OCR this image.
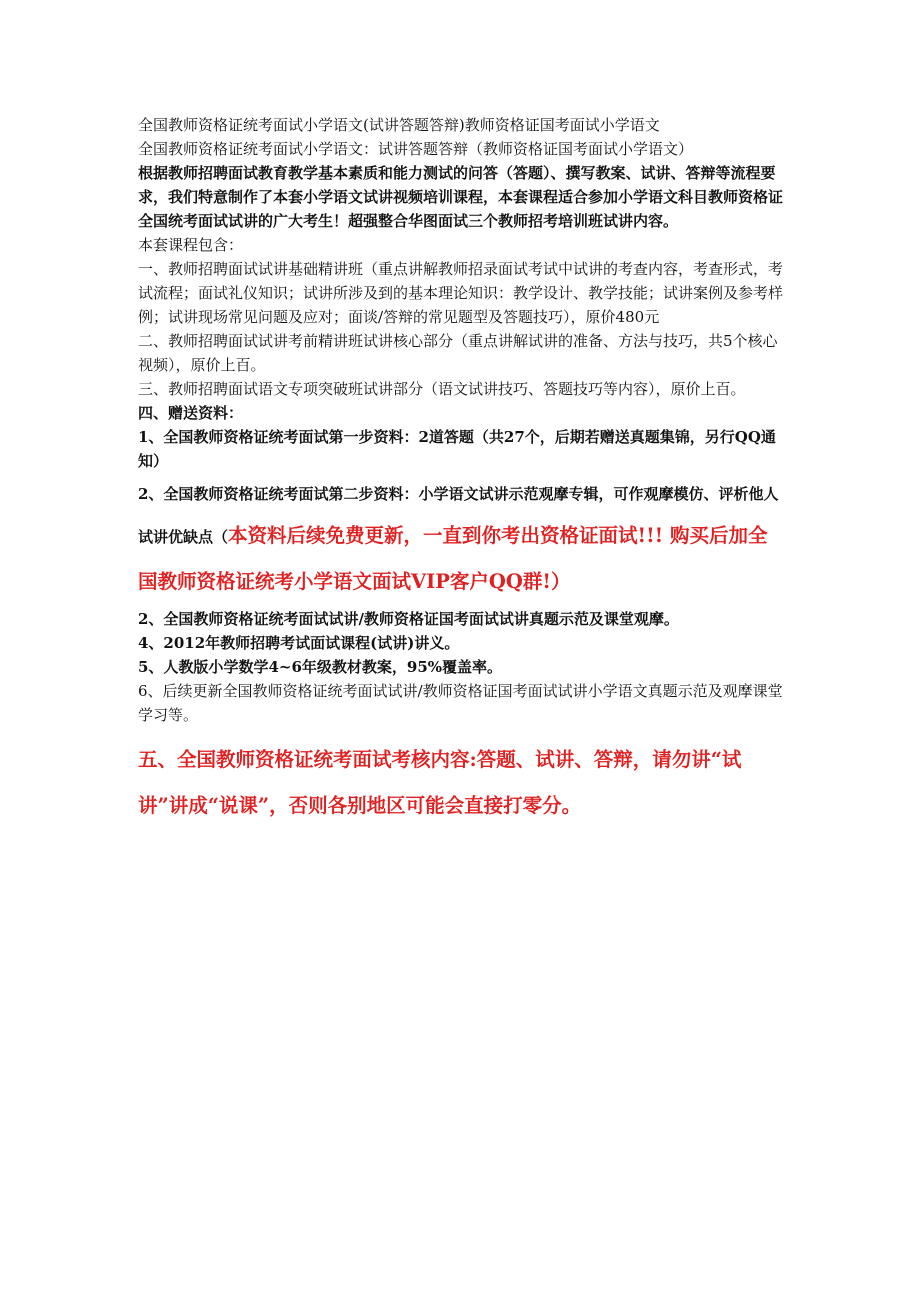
全国教师资格证统考面试小学语文(试讲答题答辩)教师资格证国考面试小学语文

全国教师资格证统考面试小学语文：试讲答题答辩（教师资格证国考面试小学语文）

根据教师招聘面试教育教学基本素质和能力测试的问答（答题）、撰写教案、试讲、答辩等流程要求，我们特意制作了本套小学语文试讲视频培训课程，本套课程适合参加小学语文科目教师资格证全国统考面试试讲的广大考生！超强整合华图面试三个教师招考培训班试讲内容。

本套课程包含：

一、教师招聘面试试讲基础精讲班（重点讲解教师招录面试考试中试讲的考查内容，考查形式，考试流程；面试礼仪知识；试讲所涉及到的基本理论知识：教学设计、教学技能；试讲案例及参考样例；试讲现场常见问题及应对；面谈/答辩的常见题型及答题技巧），原价480元

二、教师招聘面试试讲考前精讲班试讲核心部分（重点讲解试讲的准备、方法与技巧，共5个核心视频），原价上百。

三、教师招聘面试语文专项突破班试讲部分（语文试讲技巧、答题技巧等内容），原价上百。

四、赠送资料：

1、全国教师资格证统考面试第一步资料：2道答题（共27个，后期若赠送真题集锦，另行QQ通知）

2、全国教师资格证统考面试第二步资料：小学语文试讲示范观摩专辑，可作观摩模仿、评析他人试讲优缺点（本资料后续免费更新，一直到你考出资格证面试!!! 购买后加全国教师资格证统考小学语文面试VIP客户QQ群!）

2、全国教师资格证统考面试试讲/教师资格证国考面试试讲真题示范及课堂观摩。

4、2012年教师招聘考试面试课程(试讲)讲义。

5、人教版小学数学4~6年级教材教案，95%覆盖率。

6、后续更新全国教师资格证统考面试试讲/教师资格证国考面试试讲小学语文真题示范及观摩课堂学习等。

五、全国教师资格证统考面试考核内容:答题、试讲、答辩，请勿讲“试讲”讲成“说课”，否则各别地区可能会直接打零分。
